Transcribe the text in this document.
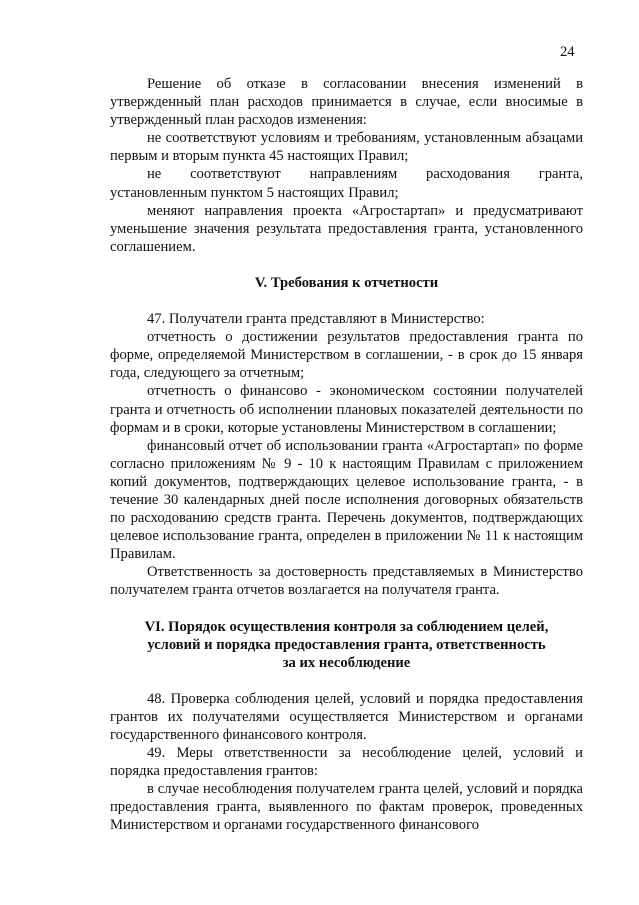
24

Решение об отказе в согласовании внесения изменений в утвержденный план расходов принимается в случае, если вносимые в утвержденный план расходов изменения:

не соответствуют условиям и требованиям, установленным абзацами первым и вторым пункта 45 настоящих Правил;

не соответствуют направлениям расходования гранта, установленным пунктом 5 настоящих Правил;

меняют направления проекта «Агростартап» и предусматривают уменьшение значения результата предоставления гранта, установленного соглашением.

V. Требования к отчетности

47. Получатели гранта представляют в Министерство:

отчетность о достижении результатов предоставления гранта по форме, определяемой Министерством в соглашении, - в срок до 15 января года, следующего за отчетным;

отчетность о финансово - экономическом состоянии получателей гранта и отчетность об исполнении плановых показателей деятельности по формам и в сроки, которые установлены Министерством в соглашении;

финансовый отчет об использовании гранта «Агростартап» по форме согласно приложениям № 9 - 10 к настоящим Правилам с приложением копий документов, подтверждающих целевое использование гранта, - в течение 30 календарных дней после исполнения договорных обязательств по расходованию средств гранта. Перечень документов, подтверждающих целевое использование гранта, определен в приложении № 11 к настоящим Правилам.

Ответственность за достоверность представляемых в Министерство получателем гранта отчетов возлагается на получателя гранта.

VI. Порядок осуществления контроля за соблюдением целей,
условий и порядка предоставления гранта, ответственность
за их несоблюдение

48. Проверка соблюдения целей, условий и порядка предоставления грантов их получателями осуществляется Министерством и органами государственного финансового контроля.

49. Меры ответственности за несоблюдение целей, условий и порядка предоставления грантов:

в случае несоблюдения получателем гранта целей, условий и порядка предоставления гранта, выявленного по фактам проверок, проведенных Министерством и органами государственного финансового
